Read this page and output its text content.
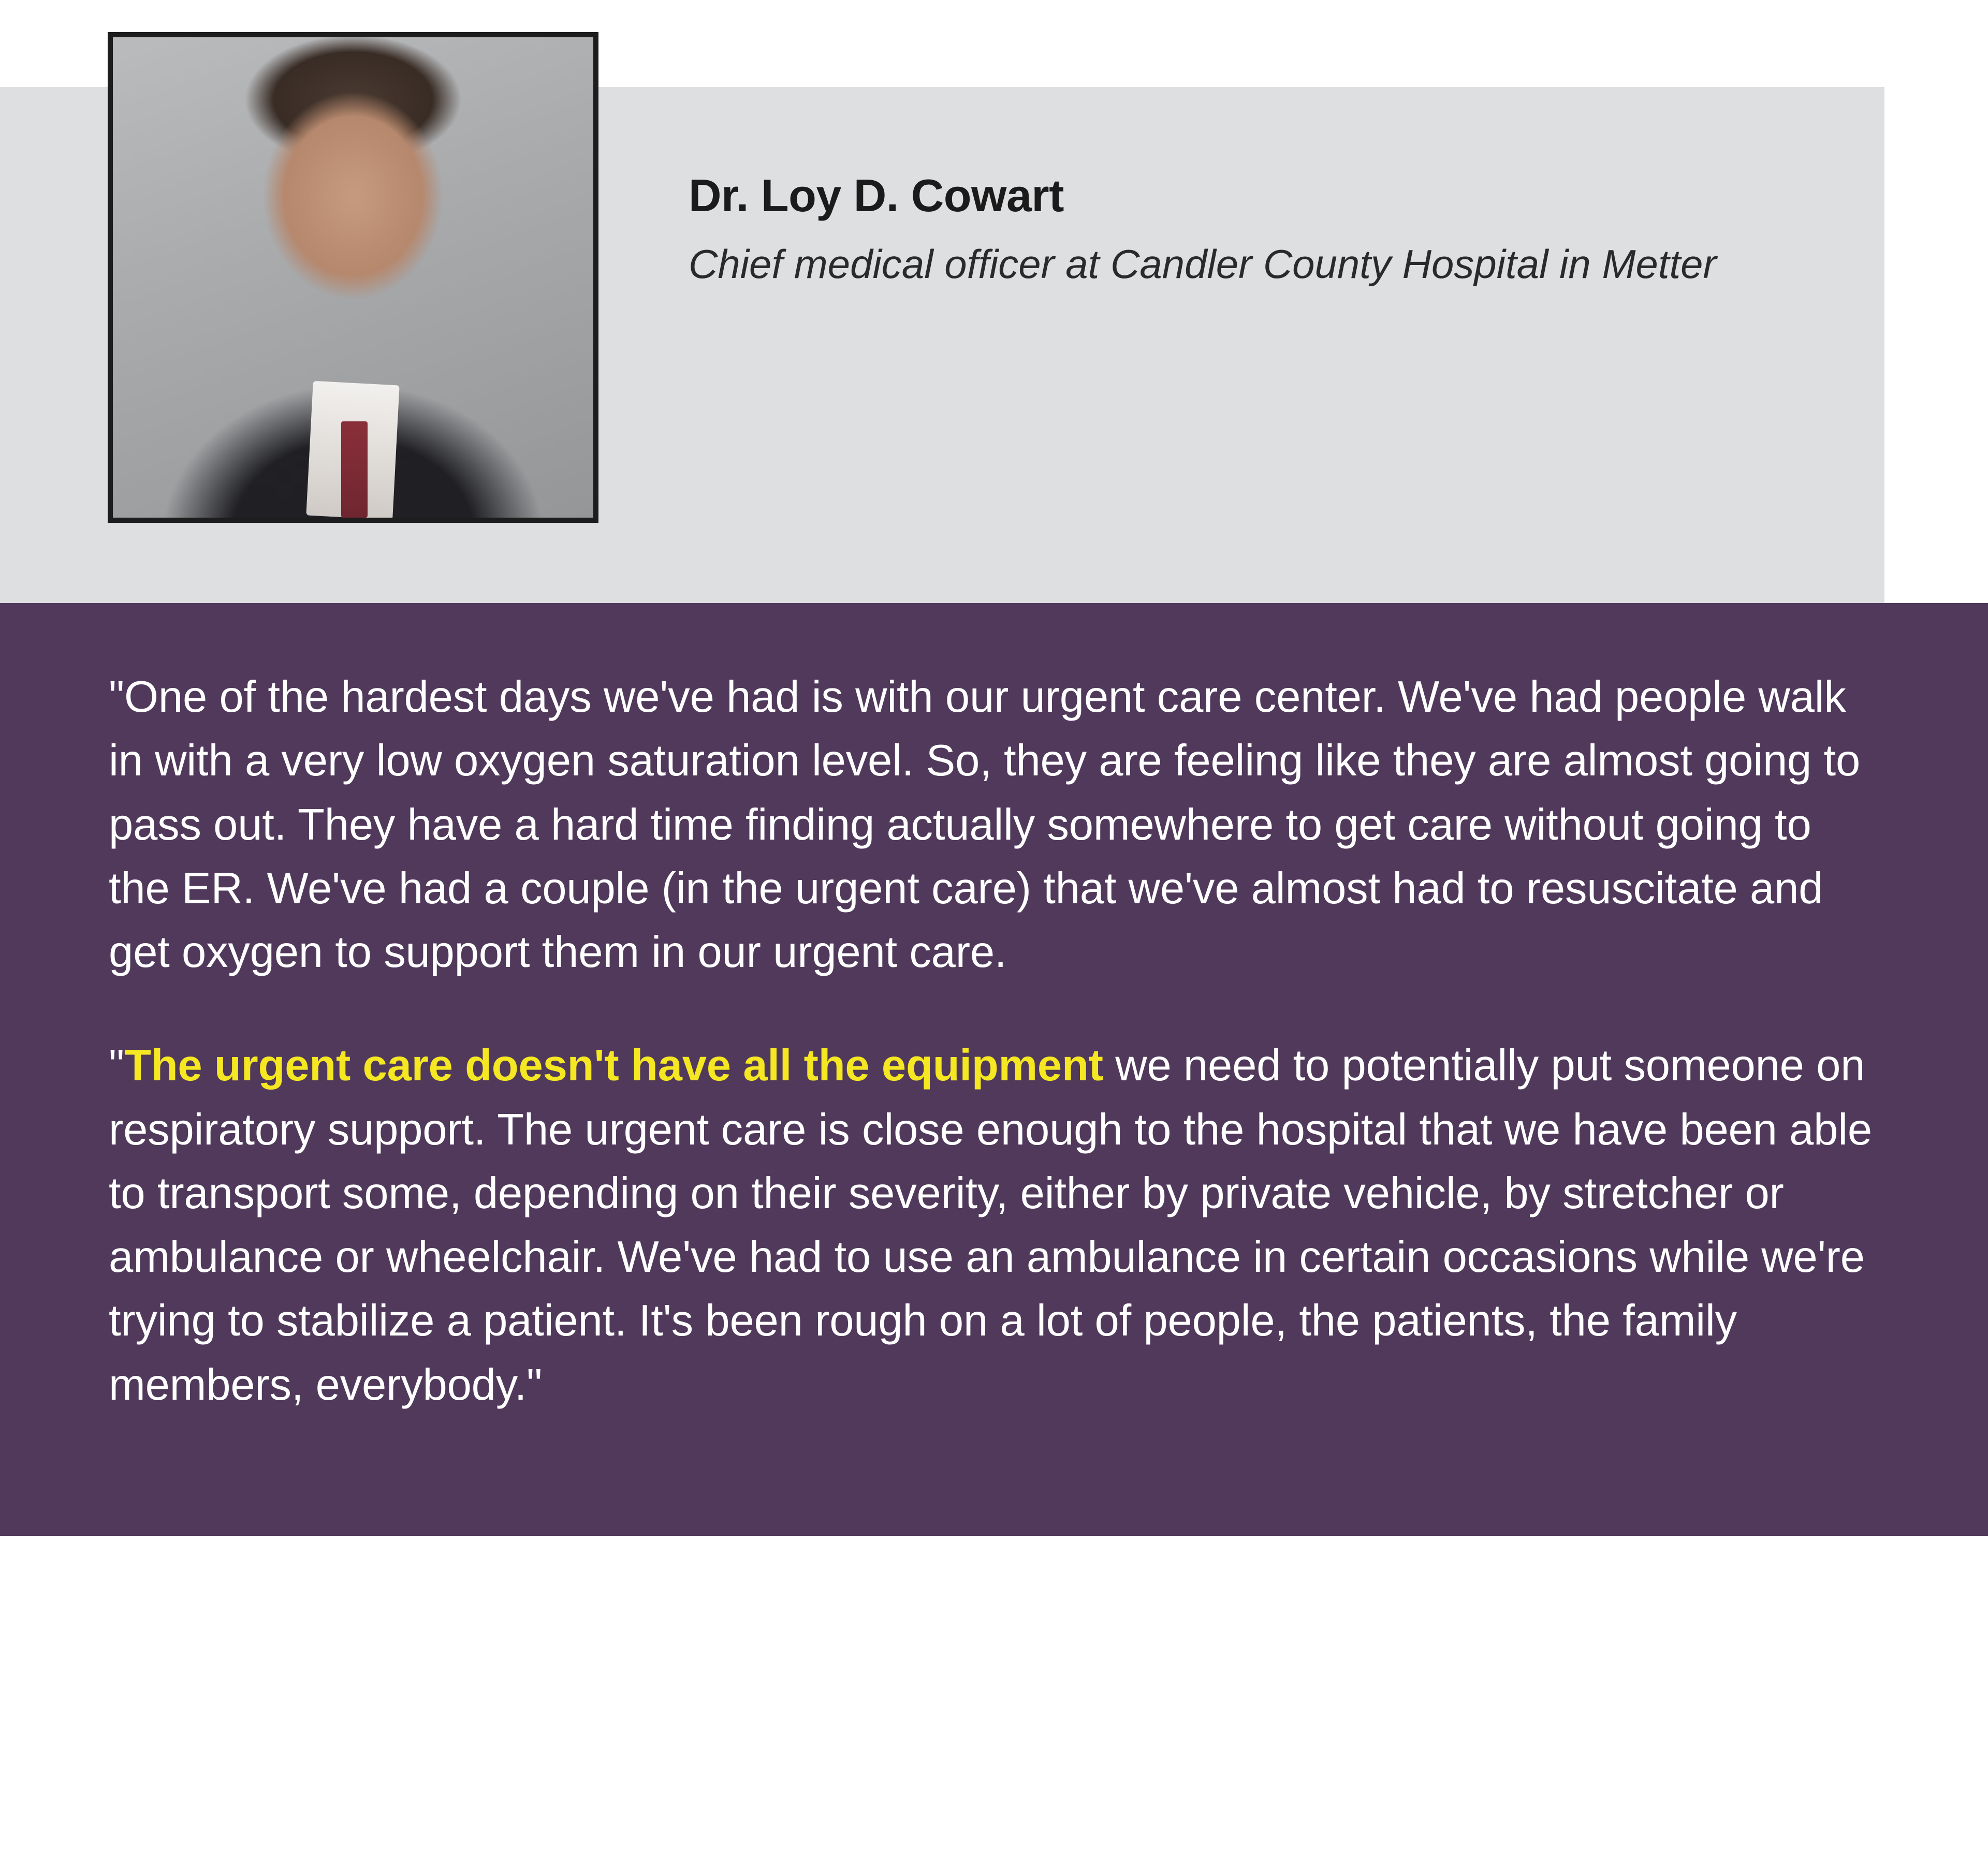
Dr. Loy D. Cowart

Chief medical officer at Candler County Hospital in Metter

"One of the hardest days we've had is with our urgent care center. We've had people walk in with a very low oxygen saturation level. So, they are feeling like they are almost going to pass out. They have a hard time finding actually somewhere to get care without going to the ER. We've had a couple (in the urgent care) that we've almost had to resuscitate and get oxygen to support them in our urgent care.

"The urgent care doesn't have all the equipment we need to potentially put someone on respiratory support. The urgent care is close enough to the hospital that we have been able to transport some, depending on their severity, either by private vehicle, by stretcher or ambulance or wheelchair. We've had to use an ambulance in certain occasions while we're trying to stabilize a patient. It's been rough on a lot of people, the patients, the family members, everybody."
